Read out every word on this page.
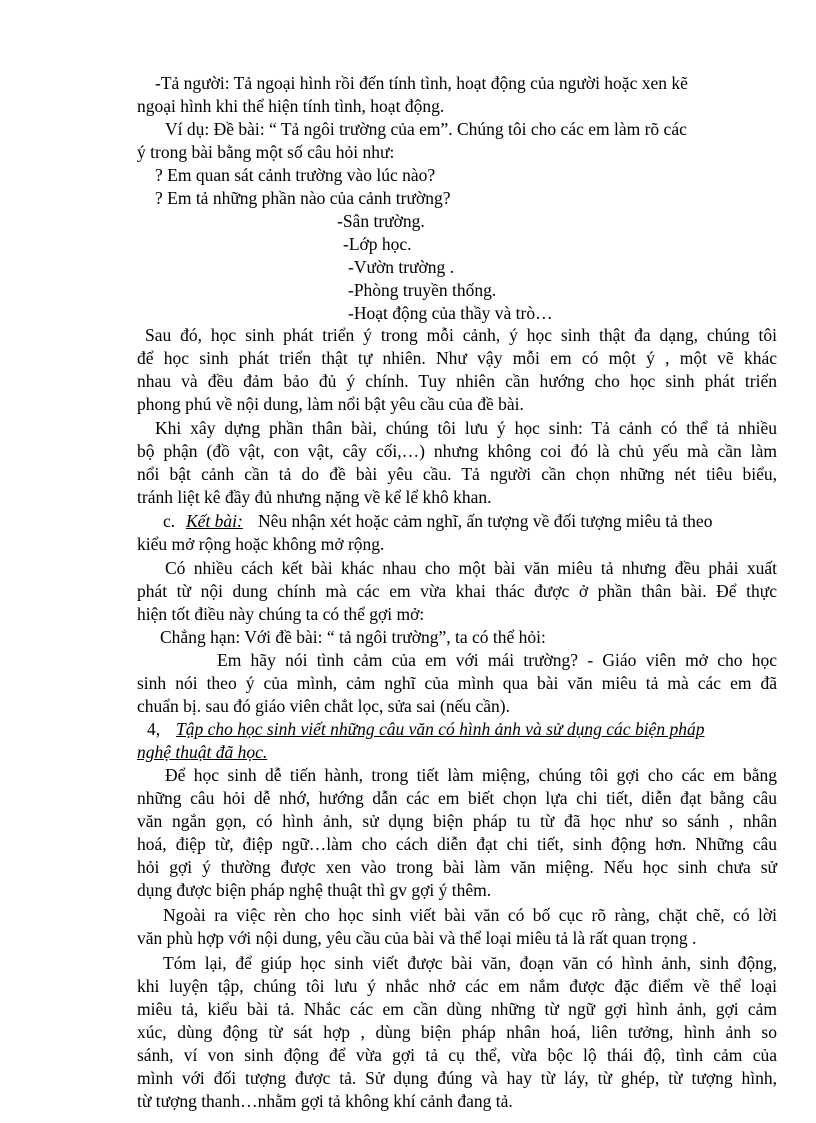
-Tả người: Tả ngoại hình rồi đến tính tình, hoạt động của người hoặc xen kẽ
ngoại hình khi thể hiện tính tình, hoạt động.
Ví dụ: Đề bài: “ Tả ngôi trường của em”. Chúng tôi cho các em làm rõ các
ý trong bài bằng một số câu hỏi như:
? Em quan sát cảnh trường vào lúc nào?
? Em tả những phần nào của cảnh trường?
-Sân trường.
-Lớp học.
-Vườn trường .
-Phòng truyền thống.
-Hoạt động của thầy và trò…
Sau đó, học sinh phát triển ý trong mỗi cảnh, ý học sinh thật đa dạng, chúng tôi
để học sinh phát triển thật tự nhiên. Như vậy mỗi em có một ý , một vẽ khác
nhau và đều đảm bảo đủ ý chính. Tuy nhiên cần hướng cho học sinh phát triển
phong phú về nội dung, làm nổi bật yêu cầu của đề bài.
Khi xây dựng phần thân bài, chúng tôi lưu ý học sinh: Tả cảnh có thể tả nhiều
bộ phận (đồ vật, con vật, cây cối,…) nhưng không coi đó là chủ yếu mà cần làm
nổi bật cảnh cần tả do đề bài yêu cầu. Tả người cần chọn những nét tiêu biểu,
tránh liệt kê đầy đủ nhưng nặng về kể lể khô khan.
c. Kết bài: Nêu nhận xét hoặc cảm nghĩ, ấn tượng về đối tượng miêu tả theo
kiểu mở rộng hoặc không mở rộng.
Có nhiều cách kết bài khác nhau cho một bài văn miêu tả nhưng đều phải xuất
phát từ nội dung chính mà các em vừa khai thác được ở phần thân bài. Để thực
hiện tốt điều này chúng ta có thể gợi mở:
Chẳng hạn: Với đề bài: “ tả ngôi trường”, ta có thể hỏi:
Em hãy nói tình cảm của em với mái trường? - Giáo viên mở cho học
sinh nói theo ý của mình, cảm nghĩ của mình qua bài văn miêu tả mà các em đã
chuẩn bị. sau đó giáo viên chắt lọc, sửa sai (nếu cần).
4, Tập cho học sinh viết những câu văn có hình ảnh và sử dụng các biện pháp
nghệ thuật đã học.
Để học sinh dễ tiến hành, trong tiết làm miệng, chúng tôi gợi cho các em bằng
những câu hỏi dễ nhớ, hướng dẫn các em biết chọn lựa chi tiết, diễn đạt bằng câu
văn ngắn gọn, có hình ảnh, sử dụng biện pháp tu từ đã học như so sánh , nhân
hoá, điệp từ, điệp ngữ…làm cho cách diễn đạt chi tiết, sinh động hơn. Những câu
hỏi gợi ý thường được xen vào trong bài làm văn miệng. Nếu học sinh chưa sử
dụng được biện pháp nghệ thuật thì gv gợi ý thêm.
Ngoài ra việc rèn cho học sinh viết bài văn có bố cục rõ ràng, chặt chẽ, có lời
văn phù hợp với nội dung, yêu cầu của bài và thể loại miêu tả là rất quan trọng .
Tóm lại, để giúp học sinh viết được bài văn, đoạn văn có hình ảnh, sinh động,
khi luyện tập, chúng tôi lưu ý nhắc nhở các em nắm được đặc điểm về thể loại
miêu tả, kiểu bài tả. Nhắc các em cần dùng những từ ngữ gợi hình ảnh, gợi cảm
xúc, dùng động từ sát hợp , dùng biện pháp nhân hoá, liên tưởng, hình ảnh so
sánh, ví von sinh động để vừa gợi tả cụ thể, vừa bộc lộ thái độ, tình cảm của
mình với đối tượng được tả. Sử dụng đúng và hay từ láy, từ ghép, từ tượng hình,
từ tượng thanh…nhằm gợi tả không khí cảnh đang tả.
